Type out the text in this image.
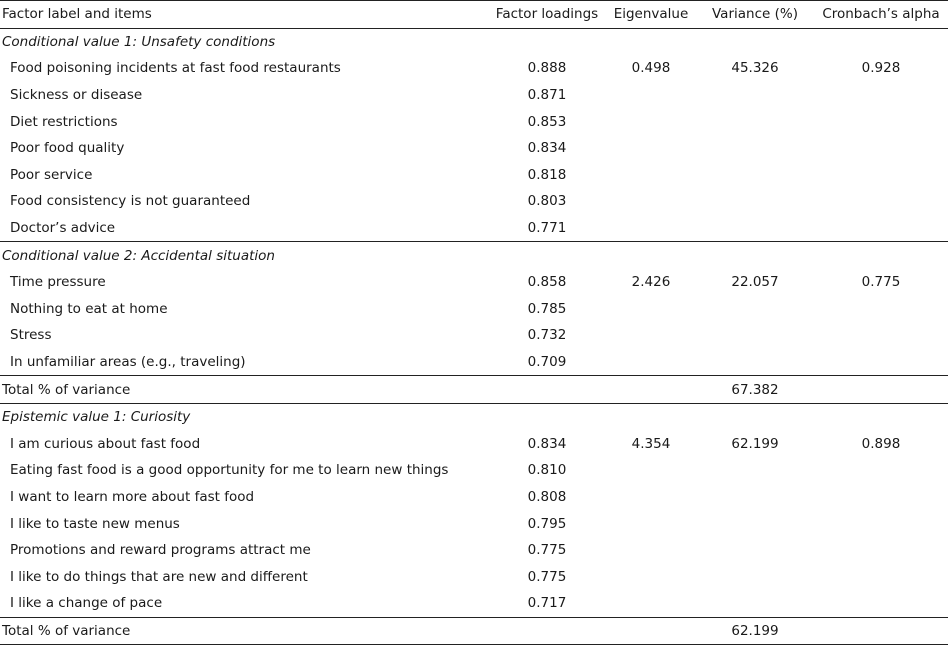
Factor label and items	Factor loadings	Eigenvalue	Variance (%)	Cronbach’s alpha
Conditional value 1: Unsafety conditions				
Food poisoning incidents at fast food restaurants	0.888	0.498	45.326	0.928
Sickness or disease	0.871			
Diet restrictions	0.853			
Poor food quality	0.834			
Poor service	0.818			
Food consistency is not guaranteed	0.803			
Doctor’s advice	0.771			
Conditional value 2: Accidental situation				
Time pressure	0.858	2.426	22.057	0.775
Nothing to eat at home	0.785			
Stress	0.732			
In unfamiliar areas (e.g., traveling)	0.709			
Total % of variance			67.382	
Epistemic value 1: Curiosity				
I am curious about fast food	0.834	4.354	62.199	0.898
Eating fast food is a good opportunity for me to learn new things	0.810			
I want to learn more about fast food	0.808			
I like to taste new menus	0.795			
Promotions and reward programs attract me	0.775			
I like to do things that are new and different	0.775			
I like a change of pace	0.717			
Total % of variance			62.199	
